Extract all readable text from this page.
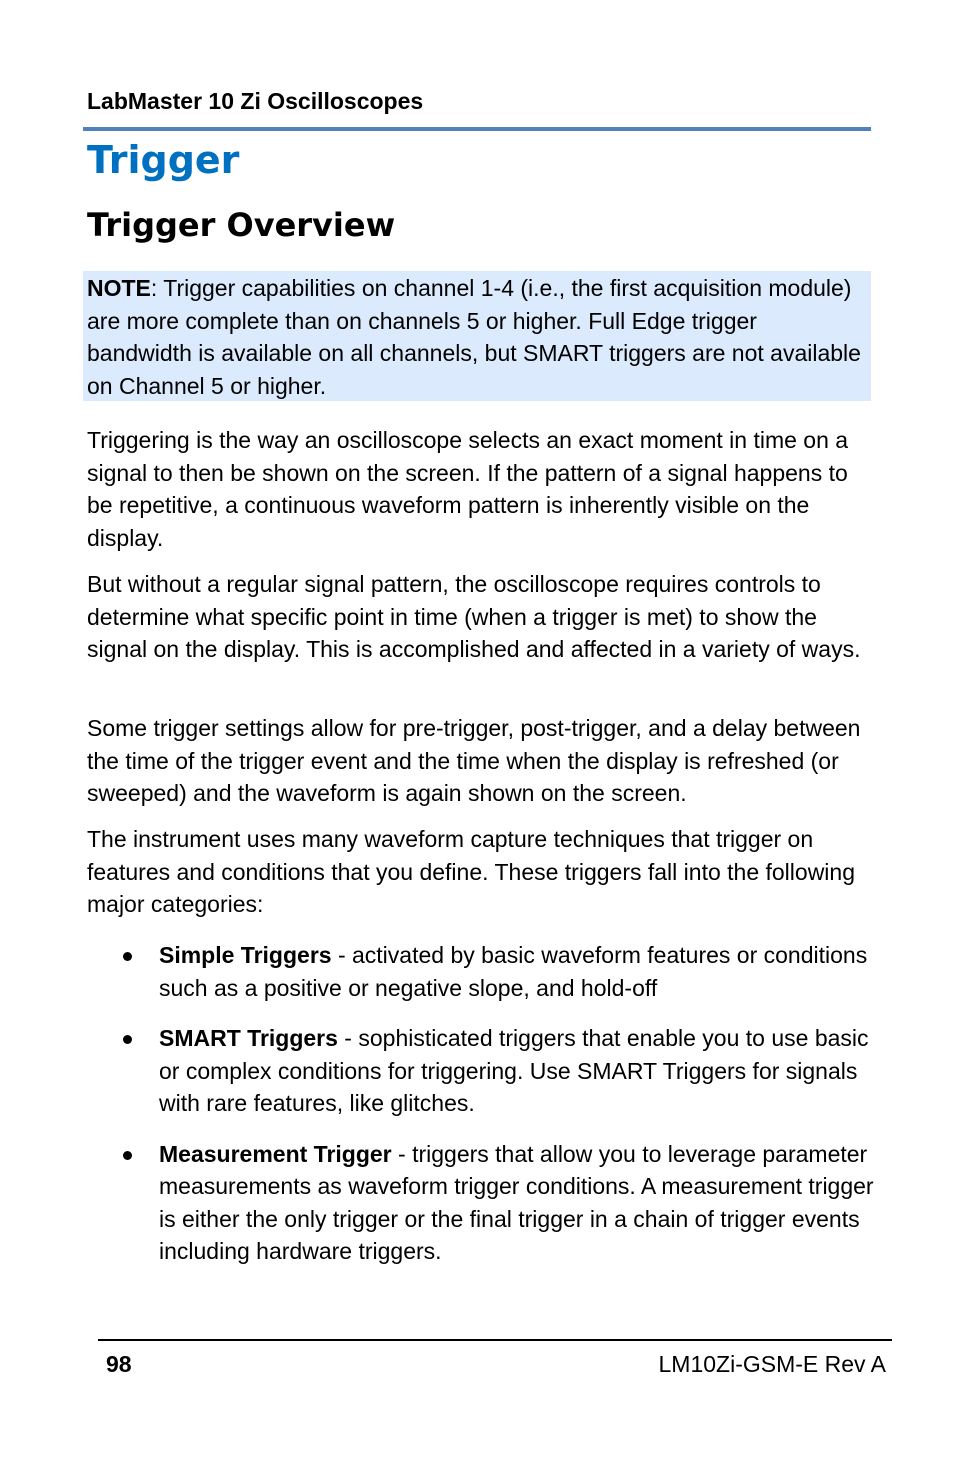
LabMaster 10 Zi Oscilloscopes
Trigger
Trigger Overview

NOTE: Trigger capabilities on channel 1-4 (i.e., the first acquisition module) are more complete than on channels 5 or higher. Full Edge trigger bandwidth is available on all channels, but SMART triggers are not available on Channel 5 or higher.

Triggering is the way an oscilloscope selects an exact moment in time on a signal to then be shown on the screen. If the pattern of a signal happens to be repetitive, a continuous waveform pattern is inherently visible on the display.

But without a regular signal pattern, the oscilloscope requires controls to determine what specific point in time (when a trigger is met) to show the signal on the display. This is accomplished and affected in a variety of ways.

Some trigger settings allow for pre-trigger, post-trigger, and a delay between the time of the trigger event and the time when the display is refreshed (or sweeped) and the waveform is again shown on the screen.

The instrument uses many waveform capture techniques that trigger on features and conditions that you define. These triggers fall into the following major categories:

Simple Triggers - activated by basic waveform features or conditions such as a positive or negative slope, and hold-off
SMART Triggers - sophisticated triggers that enable you to use basic or complex conditions for triggering. Use SMART Triggers for signals with rare features, like glitches.
Measurement Trigger - triggers that allow you to leverage parameter measurements as waveform trigger conditions. A measurement trigger is either the only trigger or the final trigger in a chain of trigger events including hardware triggers.
98	LM10Zi-GSM-E Rev A
